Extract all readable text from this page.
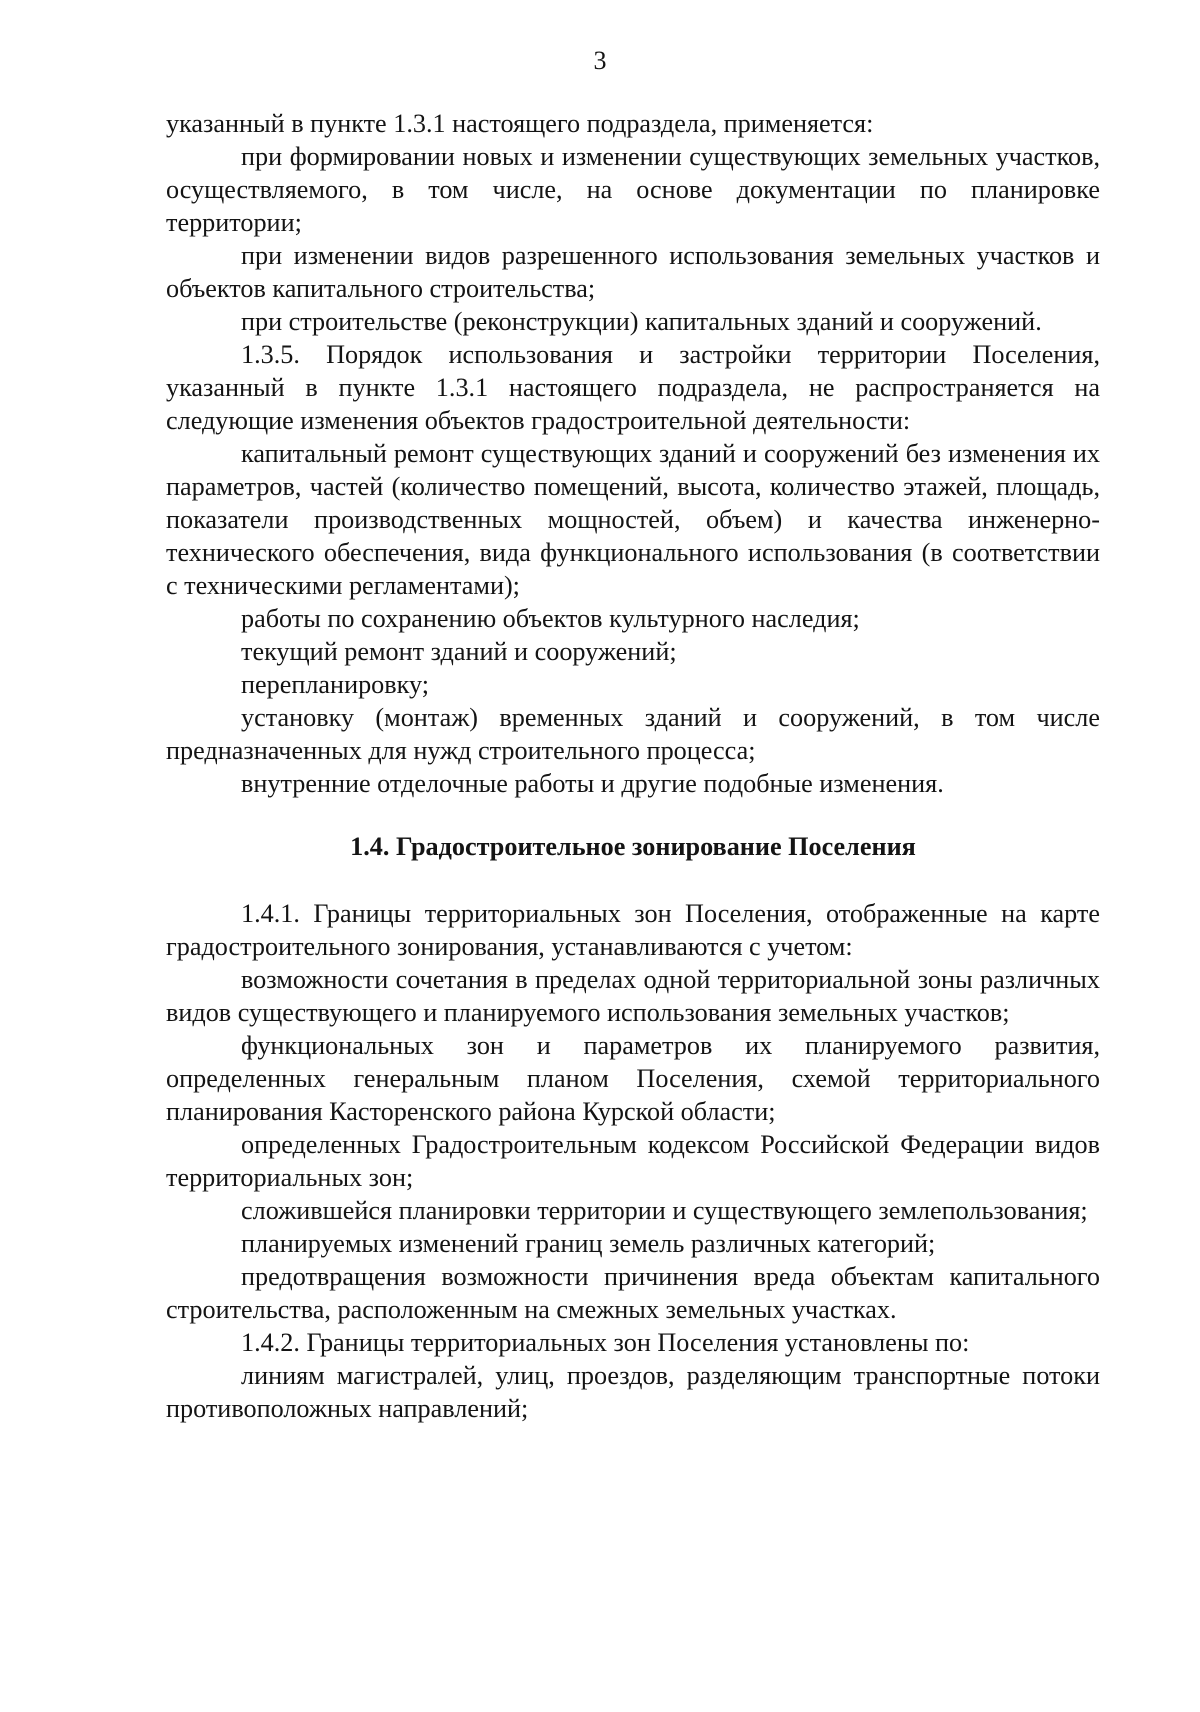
3

указанный в пункте 1.3.1 настоящего подраздела, применяется:

при формировании новых и изменении существующих земельных участков, осуществляемого, в том числе, на основе документации по планировке территории;

при изменении видов разрешенного использования земельных участков и объектов капитального строительства;

при строительстве (реконструкции) капитальных зданий и сооружений.

1.3.5. Порядок использования и застройки территории Поселения, указанный в пункте 1.3.1 настоящего подраздела, не распространяется на следующие изменения объектов градостроительной деятельности:

капитальный ремонт существующих зданий и сооружений без изменения их параметров, частей (количество помещений, высота, количество этажей, площадь, показатели производственных мощностей, объем) и качества инженерно-технического обеспечения, вида функционального использования (в соответствии с техническими регламентами);

работы по сохранению объектов культурного наследия;

текущий ремонт зданий и сооружений;

перепланировку;

установку (монтаж) временных зданий и сооружений, в том числе предназначенных для нужд строительного процесса;

внутренние отделочные работы и другие подобные изменения.

1.4. Градостроительное зонирование Поселения

1.4.1. Границы территориальных зон Поселения, отображенные на карте градостроительного зонирования, устанавливаются с учетом:

возможности сочетания в пределах одной территориальной зоны различных видов существующего и планируемого использования земельных участков;

функциональных зон и параметров их планируемого развития, определенных генеральным планом Поселения, схемой территориального планирования Касторенского района Курской области;

определенных Градостроительным кодексом Российской Федерации видов территориальных зон;

сложившейся планировки территории и существующего землепользования;

планируемых изменений границ земель различных категорий;

предотвращения возможности причинения вреда объектам капитального строительства, расположенным на смежных земельных участках.

1.4.2. Границы территориальных зон Поселения установлены по:

линиям магистралей, улиц, проездов, разделяющим транспортные потоки противоположных направлений;
